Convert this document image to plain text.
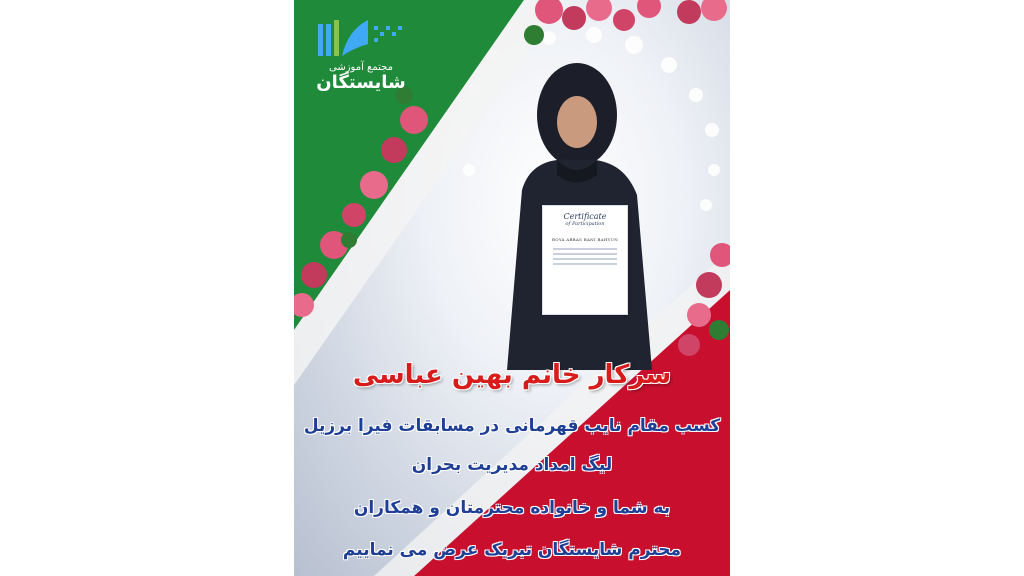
مجتمع آموزشی
شایستگان
Certificate
of Participation
ROYA ABBAS BANI BAHYUN
سرکار خانم بهین عباسی
کسب مقام نایب قهرمانی در مسابقات فیرا برزیل
لیگ امداد مدیریت بحران
به شما و خانواده محترمتان و همکاران
محترم شایستگان تبریک عرض می نماییم
